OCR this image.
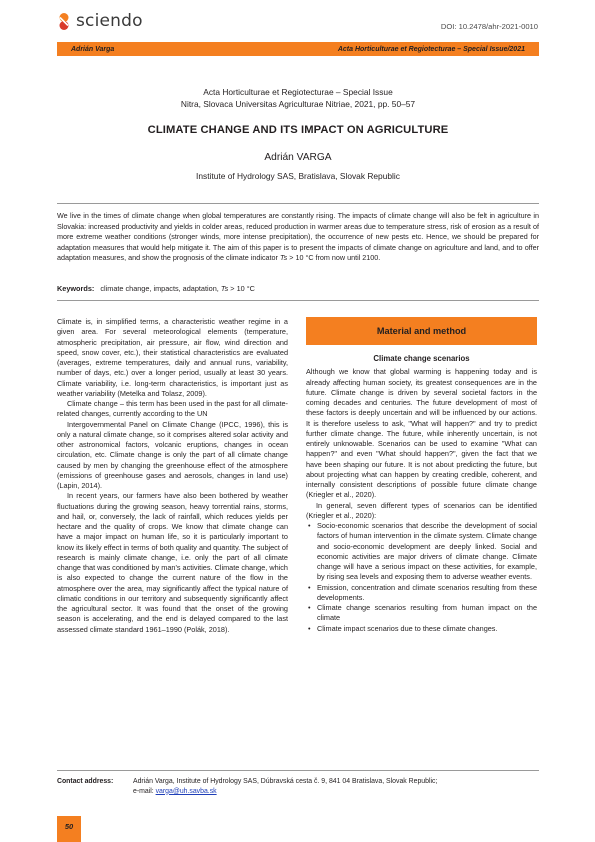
sciendo	DOI: 10.2478/ahr-2021-0010
Adrián Varga	Acta Horticulturae et Regiotecturae – Special Issue/2021
Acta Horticulturae et Regiotecturae – Special Issue
Nitra, Slovaca Universitas Agriculturae Nitriae, 2021, pp. 50–57
CLIMATE CHANGE AND ITS IMPACT ON AGRICULTURE
Adrián VARGA
Institute of Hydrology SAS, Bratislava, Slovak Republic
We live in the times of climate change when global temperatures are constantly rising. The impacts of climate change will also be felt in agriculture in Slovakia: increased productivity and yields in colder areas, reduced production in warmer areas due to temperature stress, risk of erosion as a result of more extreme weather conditions (stronger winds, more intense precipitation), the occurrence of new pests etc. Hence, we should be prepared for adaptation measures that would help mitigate it. The aim of this paper is to present the impacts of climate change on agriculture and land, and to offer adaptation measures, and show the prognosis of the climate indicator Ts > 10 °C from now until 2100.
Keywords: climate change, impacts, adaptation, Ts > 10 °C

Climate is, in simplified terms, a characteristic weather regime in a given area. For several meteorological elements (temperature, atmospheric precipitation, air pressure, air flow, wind direction and speed, snow cover, etc.), their statistical characteristics are evaluated (averages, extreme temperatures, daily and annual runs, variability, number of days, etc.) over a longer period, usually at least 30 years. Climate variability, i.e. long-term characteristics, is important just as weather variability (Metelka and Tolasz, 2009).

Climate change – this term has been used in the past for all climate-related changes, currently according to the UN

Intergovernmental Panel on Climate Change (IPCC, 1996), this is only a natural climate change, so it comprises altered solar activity and other astronomical factors, volcanic eruptions, changes in ocean circulation, etc. Climate change is only the part of all climate change caused by men by changing the greenhouse effect of the atmosphere (emissions of greenhouse gases and aerosols, changes in land use) (Lapin, 2014).

In recent years, our farmers have also been bothered by weather fluctuations during the growing season, heavy torrential rains, storms, and hail, or, conversely, the lack of rainfall, which reduces yields per hectare and the quality of crops. We know that climate change can have a major impact on human life, so it is particularly important to know its likely effect in terms of both quality and quantity. The subject of research is mainly climate change, i.e. only the part of all climate change that was conditioned by man's activities. Climate change, which is also expected to change the current nature of the flow in the atmosphere over the area, may significantly affect the typical nature of climatic conditions in our territory and subsequently significantly affect the agricultural sector. It was found that the onset of the growing season is accelerating, and the end is delayed compared to the last assessed climate standard 1961–1990 (Polák, 2018).

Material and method
Climate change scenarios

Although we know that global warming is happening today and is already affecting human society, its greatest consequences are in the future. Climate change is driven by several societal factors in the coming decades and centuries. The future development of most of these factors is deeply uncertain and will be influenced by our actions. It is therefore useless to ask, "What will happen?" and try to predict further climate change. The future, while inherently uncertain, is not entirely unknowable. Scenarios can be used to examine "What can happen?" and even "What should happen?", given the fact that we have been shaping our future. It is not about predicting the future, but about projecting what can happen by creating credible, coherent, and internally consistent descriptions of possible future climate change (Kriegler et al., 2020).

In general, seven different types of scenarios can be identified (Kriegler et al., 2020):

• Socio-economic scenarios that describe the development of social factors of human intervention in the climate system. Climate change and socio-economic development are deeply linked. Social and economic activities are major drivers of climate change. Climate change will have a serious impact on these activities, for example, by rising sea levels and exposing them to adverse weather events.
• Emission, concentration and climate scenarios resulting from these developments.
• Climate change scenarios resulting from human impact on the climate
• Climate impact scenarios due to these climate changes.
Contact address:	Adrián Varga, Institute of Hydrology SAS, Dúbravská cesta č. 9, 841 04 Bratislava, Slovak Republic;
e-mail: varga@uh.savba.sk
50
